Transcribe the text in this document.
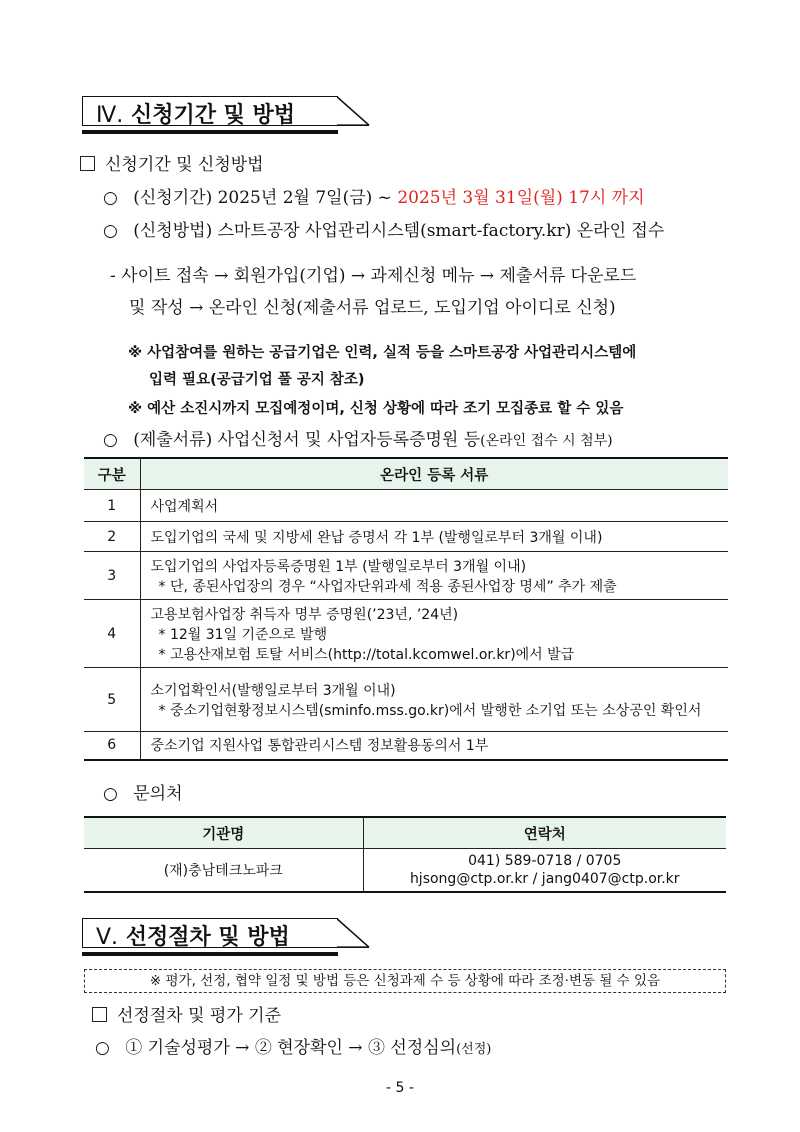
Ⅳ. 신청기간 및 방법
신청기간 및 신청방법
○ (신청기간) 2025년 2월 7일(금) ~ 2025년 3월 31일(월) 17시 까지
○ (신청방법) 스마트공장 사업관리시스템(smart-factory.kr) 온라인 접수
- 사이트 접속 → 회원가입(기업) → 과제신청 메뉴 → 제출서류 다운로드
및 작성 → 온라인 신청(제출서류 업로드, 도입기업 아이디로 신청)
※ 사업참여를 원하는 공급기업은 인력, 실적 등을 스마트공장 사업관리시스템에
입력 필요(공급기업 풀 공지 참조)
※ 예산 소진시까지 모집예정이며, 신청 상황에 따라 조기 모집종료 할 수 있음
○ (제출서류) 사업신청서 및 사업자등록증명원 등(온라인 접수 시 첨부)
구분	온라인 등록 서류
1	사업계획서
2	도입기업의 국세 및 지방세 완납 증명서 각 1부 (발행일로부터 3개월 이내)
3	도입기업의 사업자등록증명원 1부 (발행일로부터 3개월 이내)
* 단, 종된사업장의 경우 “사업자단위과세 적용 종된사업장 명세” 추가 제출

4	고용보험사업장 취득자 명부 증명원(’23년, ’24년)
* 12월 31일 기준으로 발행
* 고용산재보험 토탈 서비스(http://total.kcomwel.or.kr)에서 발급

5	소기업확인서(발행일로부터 3개월 이내)
* 중소기업현황정보시스템(sminfo.mss.go.kr)에서 발행한 소기업 또는 소상공인 확인서

6	중소기업 지원사업 통합관리시스템 정보활용동의서 1부
○ 문의처
기관명	연락처
(재)충남테크노파크	041) 589-0718 / 0705
hjsong@ctp.or.kr / jang0407@ctp.or.kr
Ⅴ. 선정절차 및 방법
※ 평가, 선정, 협약 일정 및 방법 등은 신청과제 수 등 상황에 따라 조정·변동 될 수 있음
선정절차 및 평가 기준
○ ① 기술성평가 → ② 현장확인 → ③ 선정심의(선정)
- 5 -
